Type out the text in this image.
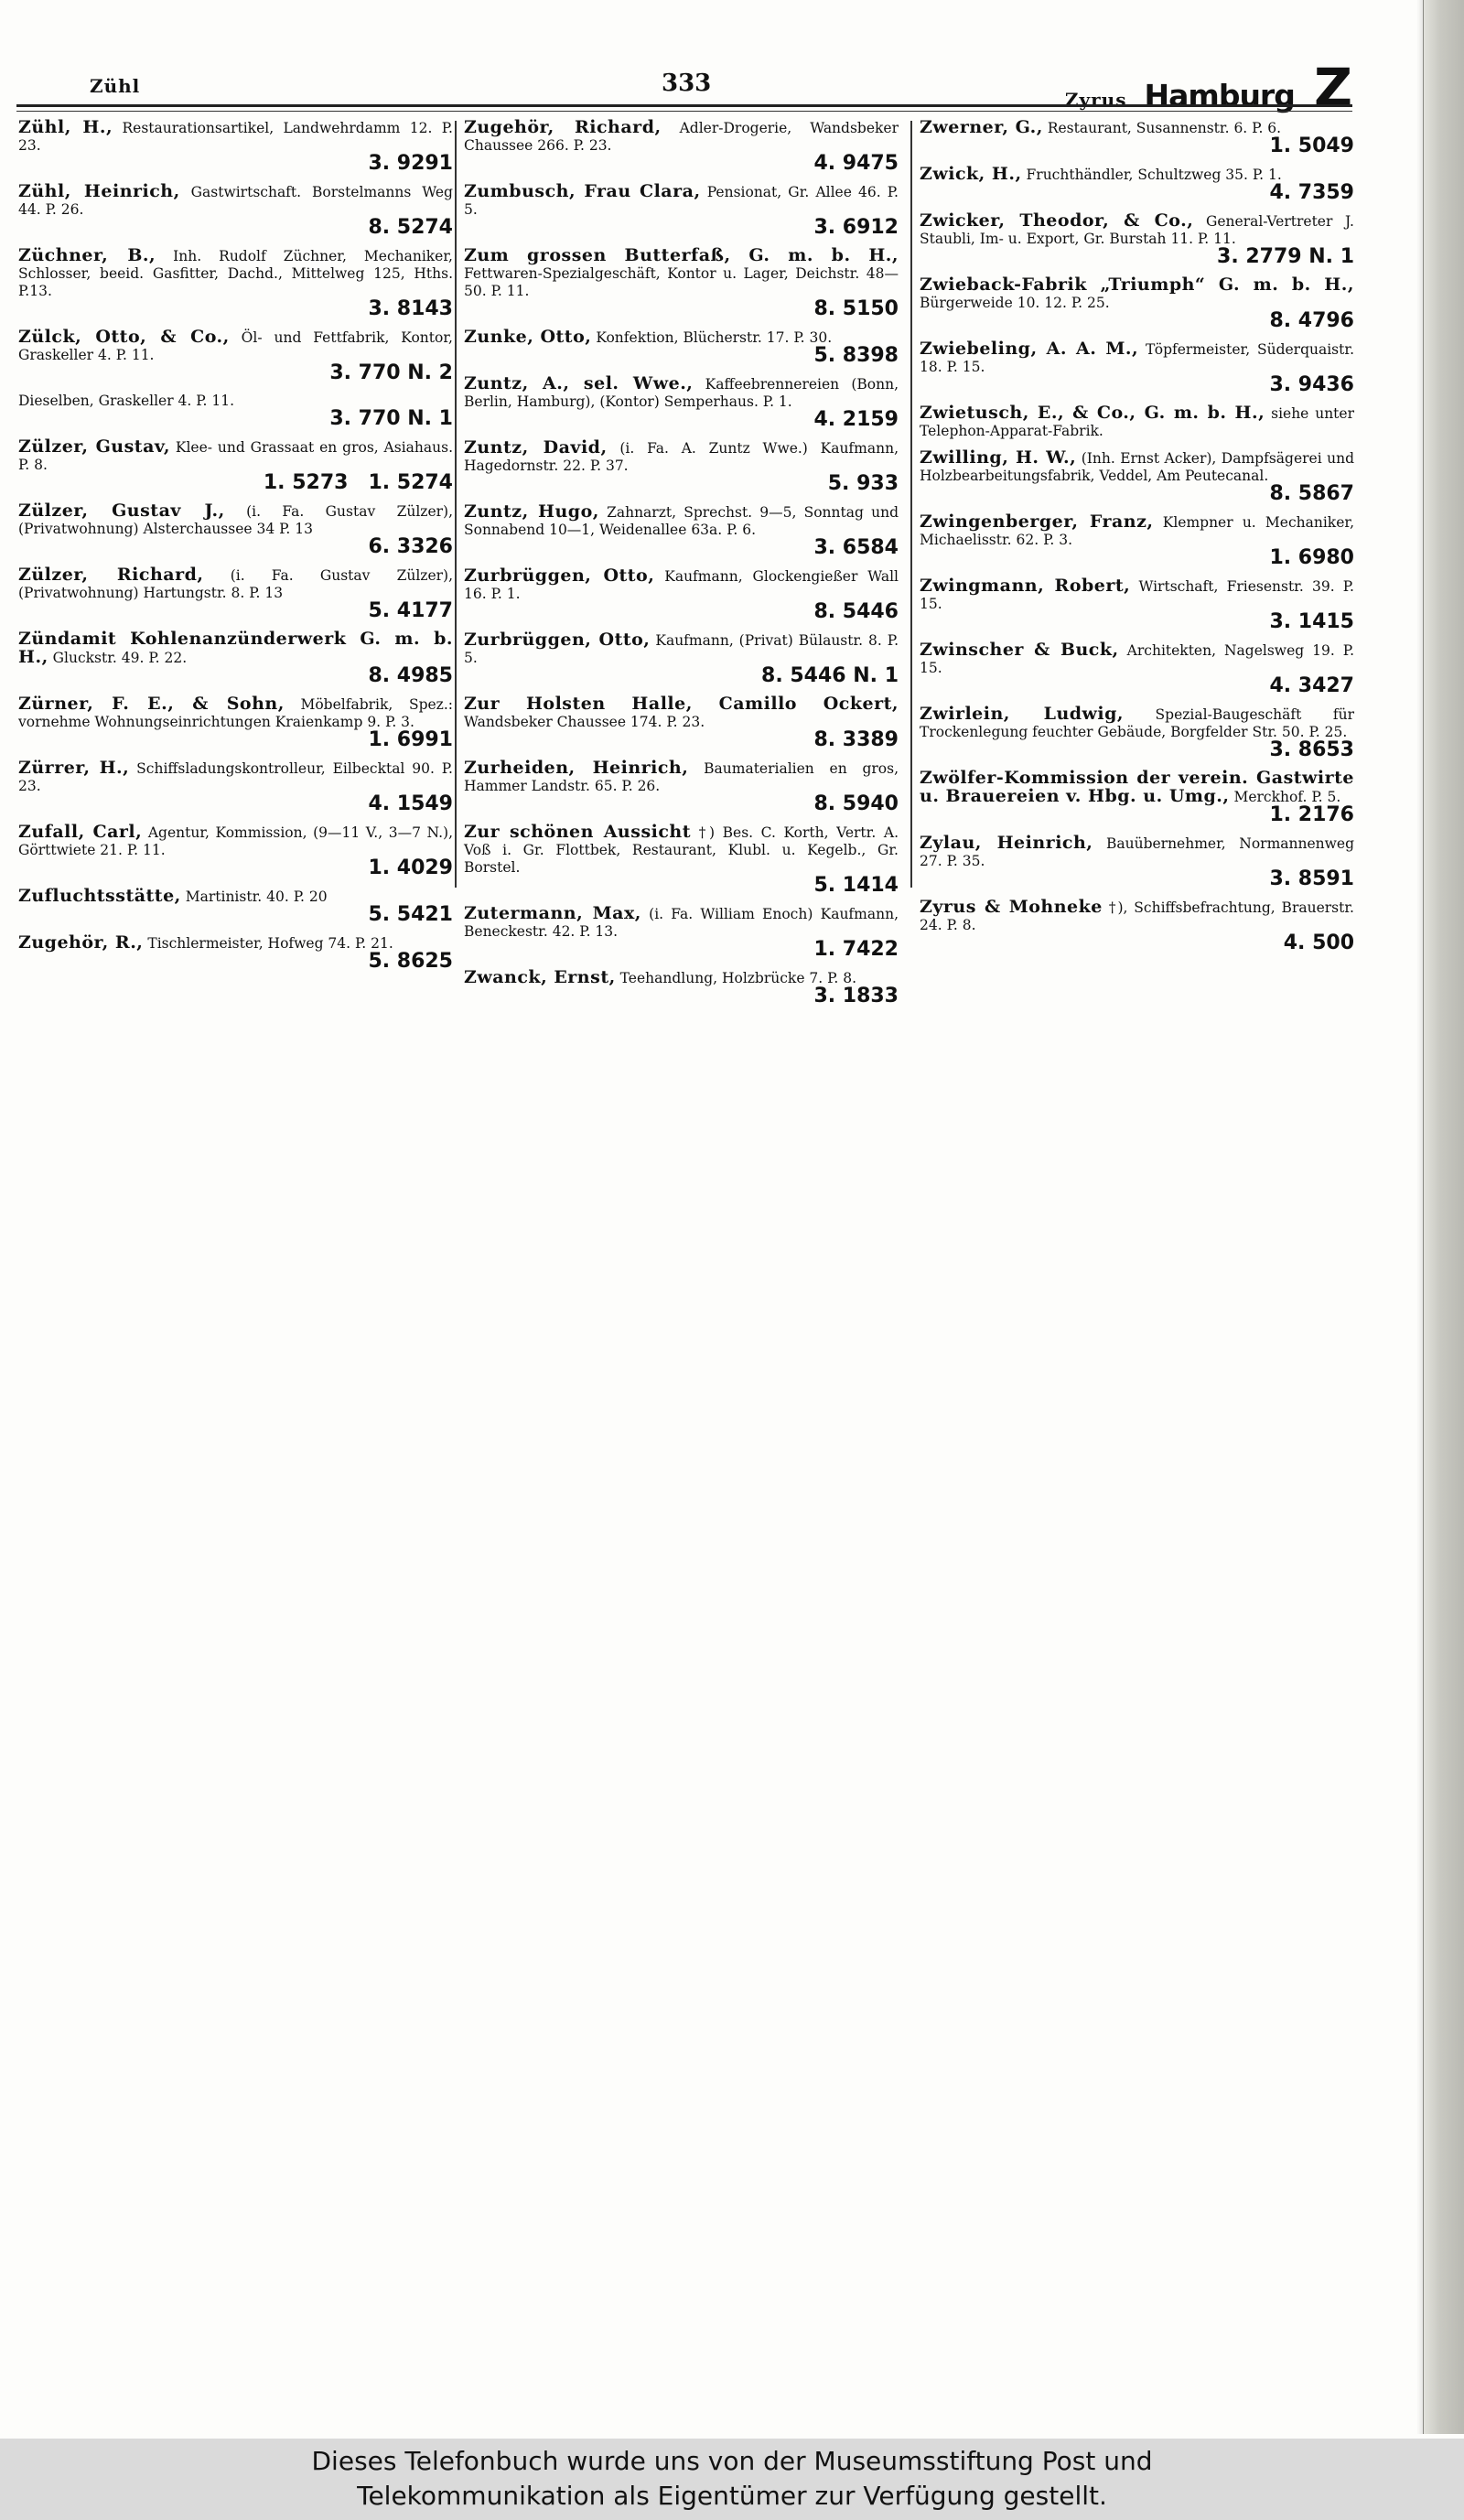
Zühl	333
Zyrus Hamburg Z
Zühl, H., Restaurationsartikel, Landwehrdamm 12. P. 23.
3. 9291
Zühl, Heinrich, Gastwirtschaft. Borstelmanns Weg 44. P. 26.
8. 5274
Züchner, B., Inh. Rudolf Züchner, Mechaniker, Schlosser, beeid. Gasfitter, Dachd., Mittelweg 125, Hths. P.13.
3. 8143
Zülck, Otto, & Co., Öl- und Fettfabrik, Kontor, Graskeller 4. P. 11.
3. 770 N. 2
Dieselben, Graskeller 4. P. 11.
3. 770 N. 1
Zülzer, Gustav, Klee- und Grassaat en gros, Asiahaus. P. 8.
1. 5273 1. 5274
Zülzer, Gustav J., (i. Fa. Gustav Zülzer), (Privatwohnung) Alsterchaussee 34 P. 13
6. 3326
Zülzer, Richard, (i. Fa. Gustav Zülzer), (Privatwohnung) Hartungstr. 8. P. 13
5. 4177
Zündamit Kohlenanzünderwerk G. m. b. H., Gluckstr. 49. P. 22.
8. 4985
Zürner, F. E., & Sohn, Möbelfabrik, Spez.: vornehme Wohnungseinrichtungen Kraienkamp 9. P. 3.
1. 6991
Zürrer, H., Schiffsladungskontrolleur, Eilbecktal 90. P. 23.
4. 1549
Zufall, Carl, Agentur, Kommission, (9—11 V., 3—7 N.), Görttwiete 21. P. 11.
1. 4029
Zufluchtsstätte, Martinistr. 40. P. 20
5. 5421
Zugehör, R., Tischlermeister, Hofweg 74. P. 21.
5. 8625
Zugehör, Richard, Adler-Drogerie, Wandsbeker Chaussee 266. P. 23.
4. 9475
Zumbusch, Frau Clara, Pensionat, Gr. Allee 46. P. 5.
3. 6912
Zum grossen Butterfaß, G. m. b. H., Fettwaren-Spezialgeschäft, Kontor u. Lager, Deichstr. 48—50. P. 11.
8. 5150
Zunke, Otto, Konfektion, Blücherstr. 17. P. 30.
5. 8398
Zuntz, A., sel. Wwe., Kaffeebrennereien (Bonn, Berlin, Hamburg), (Kontor) Semperhaus. P. 1.
4. 2159
Zuntz, David, (i. Fa. A. Zuntz Wwe.) Kaufmann, Hagedornstr. 22. P. 37.
5. 933
Zuntz, Hugo, Zahnarzt, Sprechst. 9—5, Sonntag und Sonnabend 10—1, Weidenallee 63a. P. 6.
3. 6584
Zurbrüggen, Otto, Kaufmann, Glockengießer Wall 16. P. 1.
8. 5446
Zurbrüggen, Otto, Kaufmann, (Privat) Bülaustr. 8. P. 5.
8. 5446 N. 1
Zur Holsten Halle, Camillo Ockert, Wandsbeker Chaussee 174. P. 23.
8. 3389
Zurheiden, Heinrich, Baumaterialien en gros, Hammer Landstr. 65. P. 26.
8. 5940
Zur schönen Aussicht †) Bes. C. Korth, Vertr. A. Voß i. Gr. Flottbek, Restaurant, Klubl. u. Kegelb., Gr. Borstel.
5. 1414
Zutermann, Max, (i. Fa. William Enoch) Kaufmann, Beneckestr. 42. P. 13.
1. 7422
Zwanck, Ernst, Teehandlung, Holzbrücke 7. P. 8.
3. 1833
Zwerner, G., Restaurant, Susannenstr. 6. P. 6.
1. 5049
Zwick, H., Fruchthändler, Schultzweg 35. P. 1.
4. 7359
Zwicker, Theodor, & Co., General-Vertreter J. Staubli, Im- u. Export, Gr. Burstah 11. P. 11.
3. 2779 N. 1
Zwieback-Fabrik „Triumph“ G. m. b. H., Bürgerweide 10. 12. P. 25.
8. 4796
Zwiebeling, A. A. M., Töpfermeister, Süderquaistr. 18. P. 15.
3. 9436
Zwietusch, E., & Co., G. m. b. H., siehe unter Telephon-Apparat-Fabrik.
Zwilling, H. W., (Inh. Ernst Acker), Dampfsägerei und Holzbearbeitungsfabrik, Veddel, Am Peutecanal.
8. 5867
Zwingenberger, Franz, Klempner u. Mechaniker, Michaelisstr. 62. P. 3.
1. 6980
Zwingmann, Robert, Wirtschaft, Friesenstr. 39. P. 15.
3. 1415
Zwinscher & Buck, Architekten, Nagelsweg 19. P. 15.
4. 3427
Zwirlein, Ludwig, Spezial-Baugeschäft für Trockenlegung feuchter Gebäude, Borgfelder Str. 50. P. 25.
3. 8653
Zwölfer-Kommission der verein. Gastwirte u. Brauereien v. Hbg. u. Umg., Merckhof. P. 5.
1. 2176
Zylau, Heinrich, Bauübernehmer, Normannenweg 27. P. 35.
3. 8591
Zyrus & Mohneke †), Schiffsbefrachtung, Brauerstr. 24. P. 8.
4. 500
Dieses Telefonbuch wurde uns von der Museumsstiftung Post und
Telekommunikation als Eigentümer zur Verfügung gestellt.
